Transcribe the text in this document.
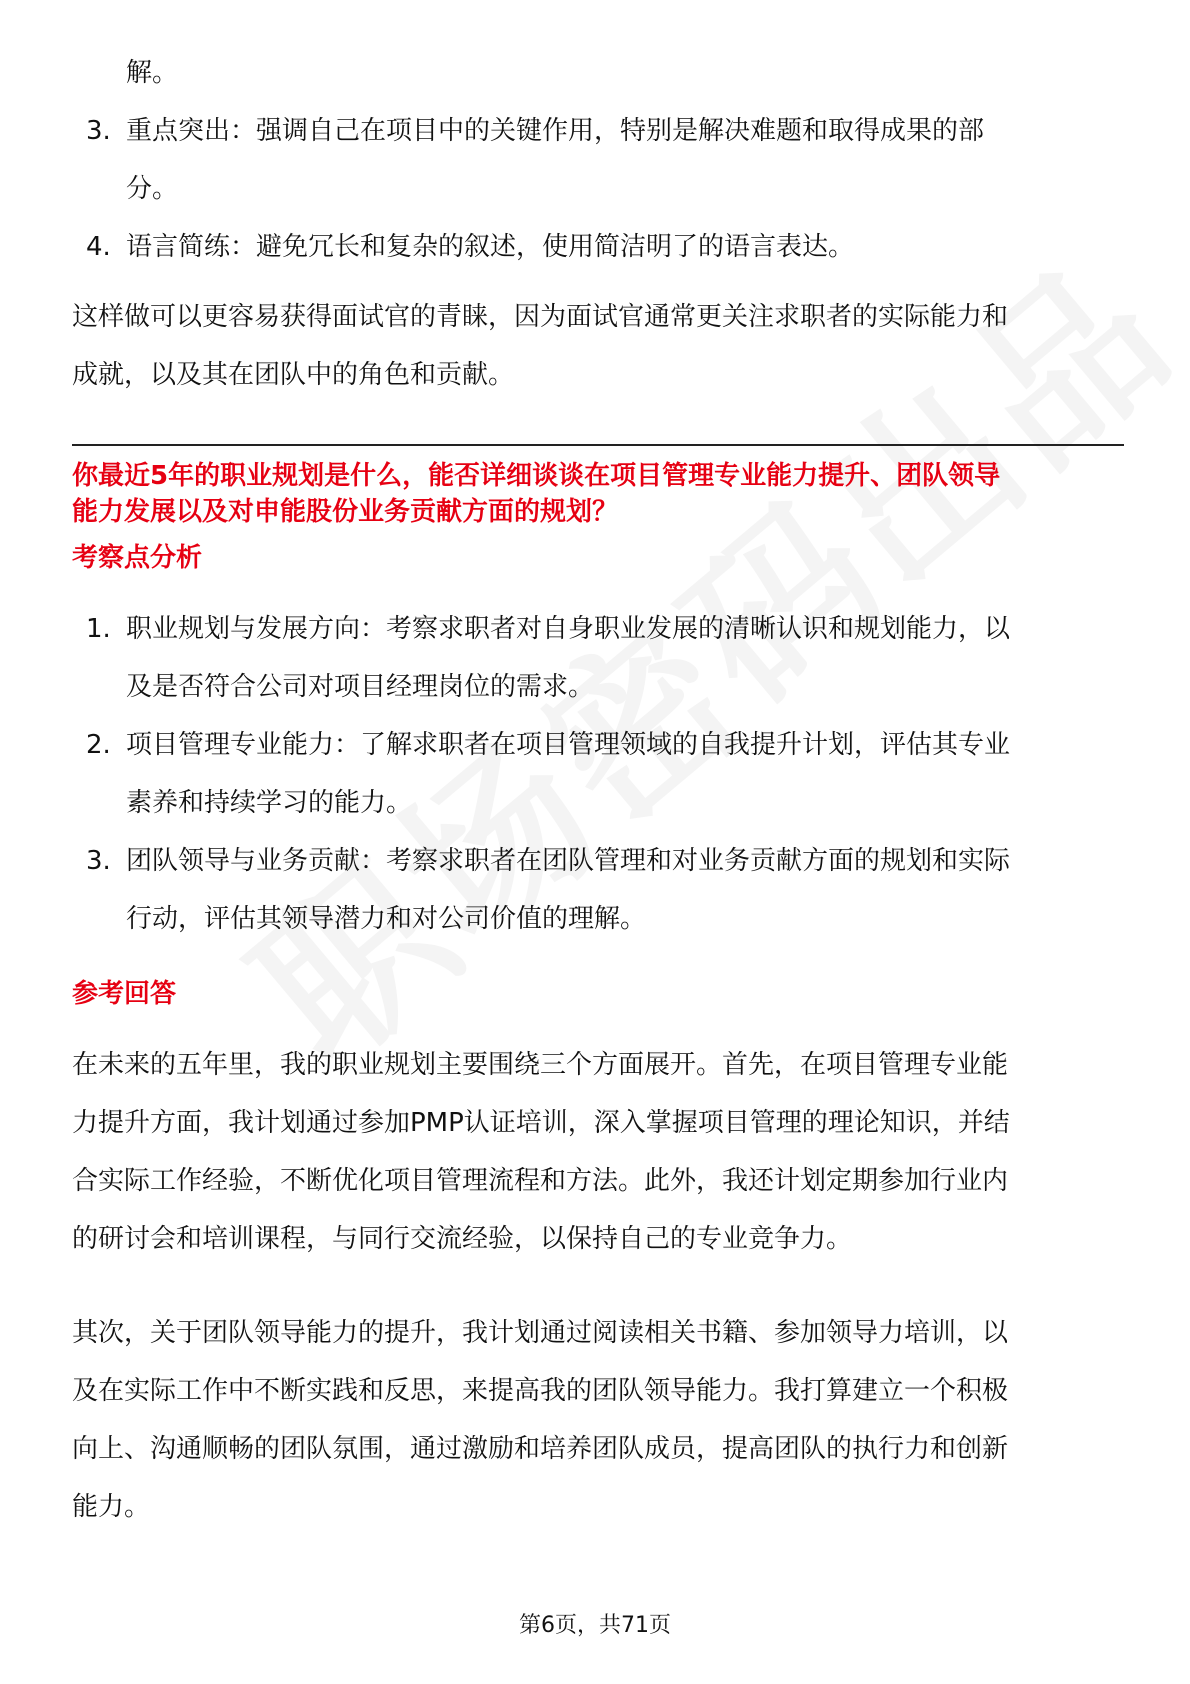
解。
3. 重点突出：强调自己在项目中的关键作用，特别是解决难题和取得成果的部
分。
4. 语言简练：避免冗长和复杂的叙述，使用简洁明了的语言表达。

这样做可以更容易获得面试官的青睐，因为面试官通常更关注求职者的实际能力和
成就，以及其在团队中的角色和贡献。

你最近5年的职业规划是什么，能否详细谈谈在项目管理专业能力提升、团队领导
能力发展以及对申能股份业务贡献方面的规划？
考察点分析
1. 职业规划与发展方向：考察求职者对自身职业发展的清晰认识和规划能力，以
及是否符合公司对项目经理岗位的需求。
2. 项目管理专业能力：了解求职者在项目管理领域的自我提升计划，评估其专业
素养和持续学习的能力。
3. 团队领导与业务贡献：考察求职者在团队管理和对业务贡献方面的规划和实际
行动，评估其领导潜力和对公司价值的理解。
参考回答

在未来的五年里，我的职业规划主要围绕三个方面展开。首先，在项目管理专业能
力提升方面，我计划通过参加PMP认证培训，深入掌握项目管理的理论知识，并结
合实际工作经验，不断优化项目管理流程和方法。此外，我还计划定期参加行业内
的研讨会和培训课程，与同行交流经验，以保持自己的专业竞争力。

其次，关于团队领导能力的提升，我计划通过阅读相关书籍、参加领导力培训，以
及在实际工作中不断实践和反思，来提高我的团队领导能力。我打算建立一个积极
向上、沟通顺畅的团队氛围，通过激励和培养团队成员，提高团队的执行力和创新
能力。

第6页，共71页
